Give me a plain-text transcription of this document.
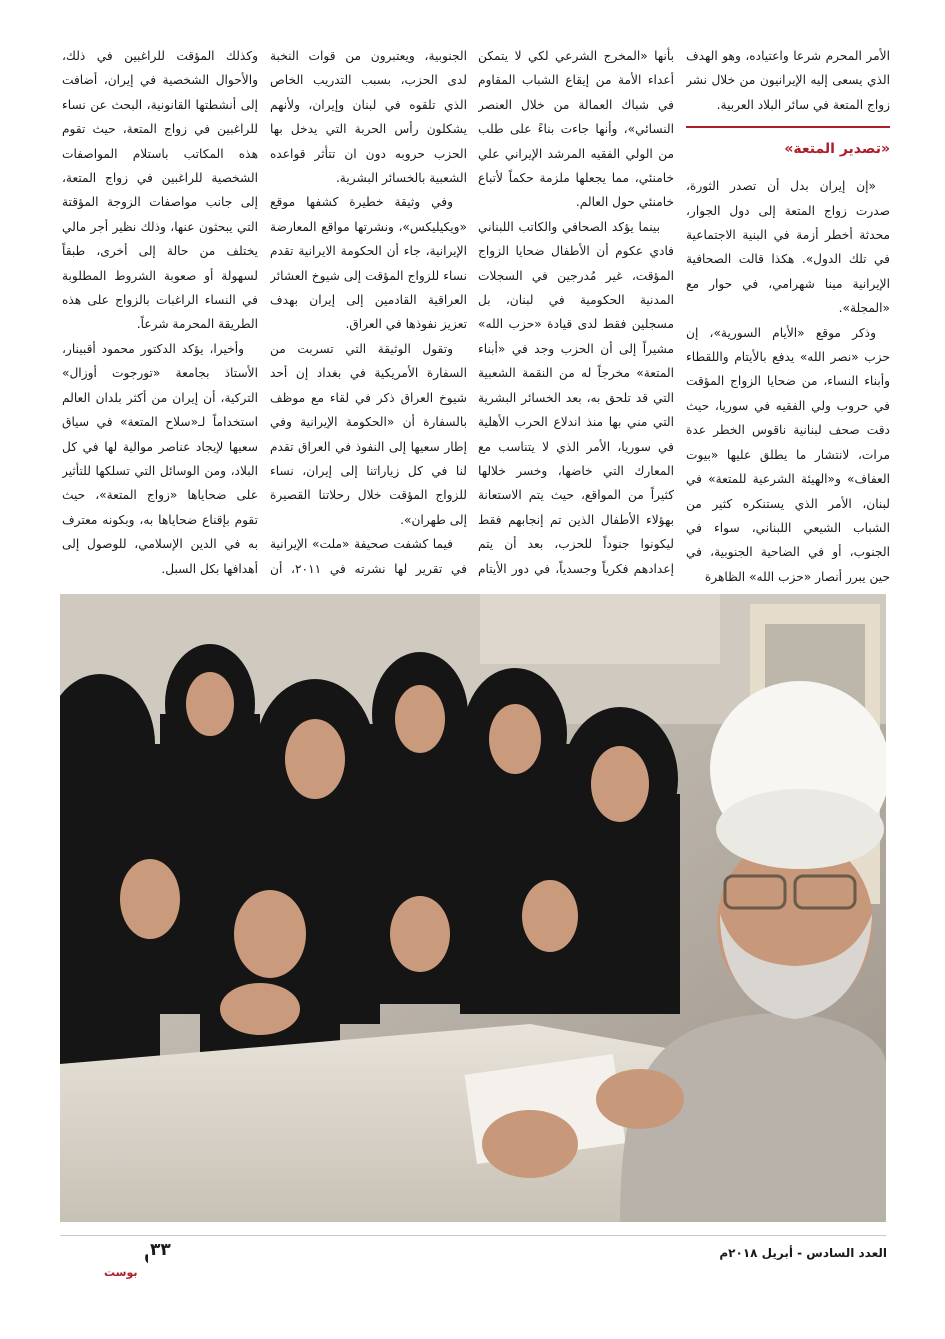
الأمر المحرم شرعا واعتياده، وهو الهدف الذي يسعى إليه الإيرانيون من خلال نشر زواج المتعة في سائر البلاد العربية.

«تصدير المتعة»

«إن إيران بدل أن تصدر الثورة، صدرت زواج المتعة إلى دول الجوار، محدثة أخطر أزمة في البنية الاجتماعية في تلك الدول». هكذا قالت الصحافية الإيرانية مينا شهرامي، في حوار مع «المجلة».

وذكر موقع «الأيام السورية»، إن حزب «نصر الله» يدفع بالأيتام واللقطاء وأبناء النساء، من ضحايا الزواج المؤقت في حروب ولي الفقيه في سوريا، حيث دقت صحف لبنانية ناقوس الخطر عدة مرات، لانتشار ما يطلق عليها «بيوت العفاف» و«الهيئة الشرعية للمتعة» في لبنان، الأمر الذي يستنكره كثير من الشباب الشيعي اللبناني، سواء في الجنوب، أو في الضاحية الجنوبية، في حين يبرر أنصار «حزب الله» الظاهرة

بأنها «المخرج الشرعي لكي لا يتمكن أعداء الأمة من إيقاع الشباب المقاوم في شباك العمالة من خلال العنصر النسائي»، وأنها جاءت بناءً على طلب من الولي الفقيه المرشد الإيراني علي خامنئي، مما يجعلها ملزمة حكماً لأتباع خامنئي حول العالم.

بينما يؤكد الصحافي والكاتب اللبناني فادي عكوم أن الأطفال ضحايا الزواج المؤقت، غير مُدرجين في السجلات المدنية الحكومية في لبنان، بل مسجلين فقط لدى قيادة «حزب الله» مشيراً إلى أن الحزب وجد في «أبناء المتعة» مخرجاً له من النقمة الشعبية التي قد تلحق به، بعد الخسائر البشرية التي مني بها منذ اندلاع الحرب الأهلية في سوريا، الأمر الذي لا يتناسب مع المعارك التي خاضها، وخسر خلالها كثيراً من المواقع، حيث يتم الاستعانة بهؤلاء الأطفال الذين تم إنجابهم فقط ليكونوا جنوداً للحزب، بعد أن يتم إعدادهم فكرياً وجسدياً، في دور الأيتام

الجنوبية، ويعتبرون من قوات النخبة لدى الحزب، بسبب التدريب الخاص الذي تلقوه في لبنان وإيران، ولأنهم يشكلون رأس الحربة التي يدخل بها الحزب حروبه دون ان تتأثر قواعده الشعبية بالخسائر البشرية.

وفي وثيقة خطيرة كشفها موقع «ويكيليكس»، ونشرتها مواقع المعارضة الإيرانية، جاء أن الحكومة الايرانية تقدم نساء للزواج المؤقت إلى شيوخ العشائر العراقية القادمين إلى إيران بهدف تعزيز نفوذها في العراق.

وتقول الوثيقة التي تسربت من السفارة الأمريكية في بغداد إن أحد شيوخ العراق ذكر في لقاء مع موظف بالسفارة أن «الحكومة الإيرانية وفي إطار سعيها إلى النفوذ في العراق تقدم لنا في كل زياراتنا إلى إيران، نساء للزواج المؤقت خلال رحلاتنا القصيرة إلى طهران».

فيما كشفت صحيفة «ملت» الإيرانية في تقرير لها نشرته في ٢٠١١، أن

وكذلك المؤقت للراغبين في ذلك، والأحوال الشخصية في إيران، أضافت إلى أنشطتها القانونية، البحث عن نساء للراغبين في زواج المتعة، حيث تقوم هذه المكاتب باستلام المواصفات الشخصية للراغبين في زواج المتعة، إلى جانب مواصفات الزوجة المؤقتة التي يبحثون عنها، وذلك نظير أجر مالي يختلف من حالة إلى أخرى، طبقاً لسهولة أو صعوبة الشروط المطلوبة في النساء الراغبات بالزواج على هذه الطريقة المحرمة شرعاً.

وأخيرا، يؤكد الدكتور محمود أقبينار، الأستاذ بجامعة «تورجوت أوزال» التركية، أن إيران من أكثر بلدان العالم استخداماً لـ«سلاح المتعة» في سياق سعيها لإيجاد عناصر موالية لها في كل البلاد، ومن الوسائل التي تسلكها للتأثير على ضحاياها «زواج المتعة»، حيث تقوم بإقناع ضحاياها به، وبكونه معترف به في الدين الإسلامي، للوصول إلى أهدافها بكل السبل.

العدد السادس - أبريل ٢٠١٨م
٣٣
بوست
